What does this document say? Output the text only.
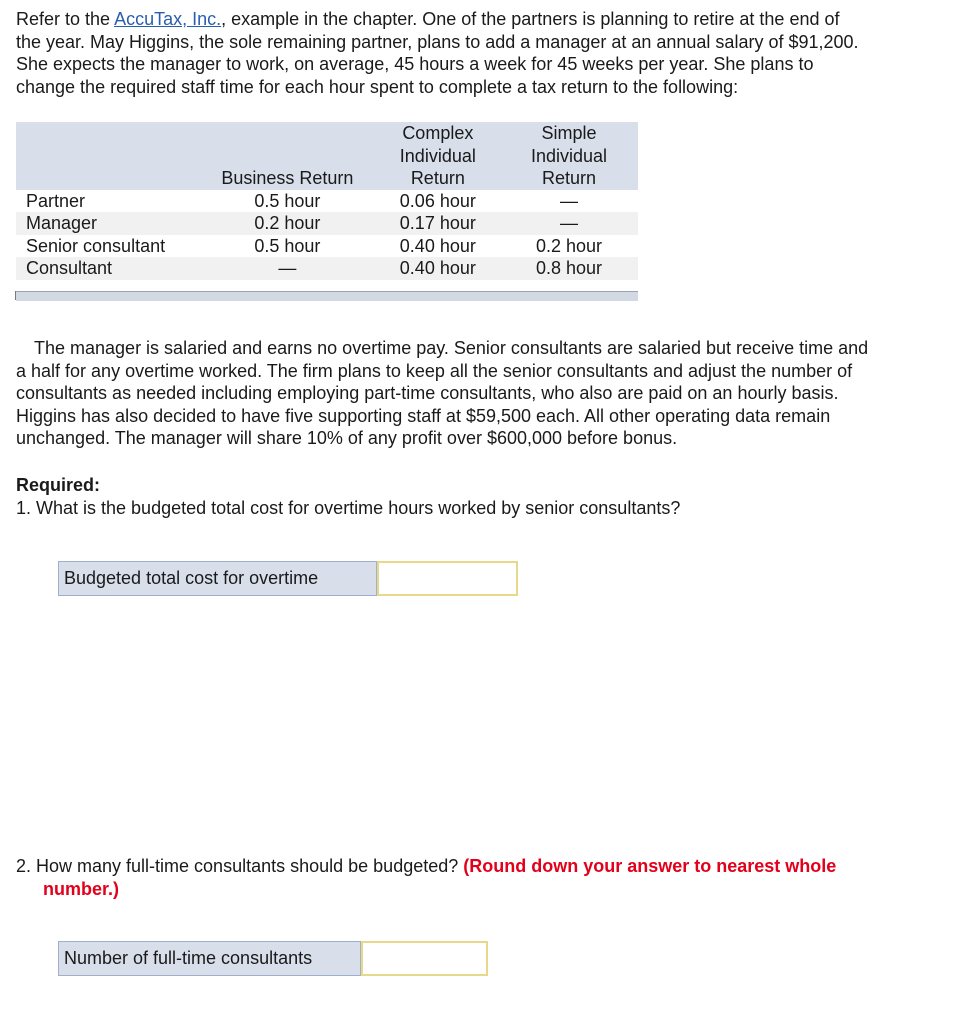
Refer to the AccuTax, Inc., example in the chapter. One of the partners is planning to retire at the end of
the year. May Higgins, the sole remaining partner, plans to add a manager at an annual salary of $91,200.
She expects the manager to work, on average, 45 hours a week for 45 weeks per year. She plans to
change the required staff time for each hour spent to complete a tax return to the following:

	Business Return	Complex
Individual
Return	Simple
Individual
Return

Partner	0.5 hour	0.06 hour	—
Manager	0.2 hour	0.17 hour	—
Senior consultant	0.5 hour	0.40 hour	0.2 hour
Consultant	—	0.40 hour	0.8 hour

The manager is salaried and earns no overtime pay. Senior consultants are salaried but receive time and
a half for any overtime worked. The firm plans to keep all the senior consultants and adjust the number of
consultants as needed including employing part-time consultants, who also are paid on an hourly basis.
Higgins has also decided to have five supporting staff at $59,500 each. All other operating data remain
unchanged. The manager will share 10% of any profit over $600,000 before bonus.

Required:
1. What is the budgeted total cost for overtime hours worked by senior consultants?

Budgeted total cost for overtime

2. How many full-time consultants should be budgeted? (Round down your answer to nearest whole
number.)

Number of full-time consultants
